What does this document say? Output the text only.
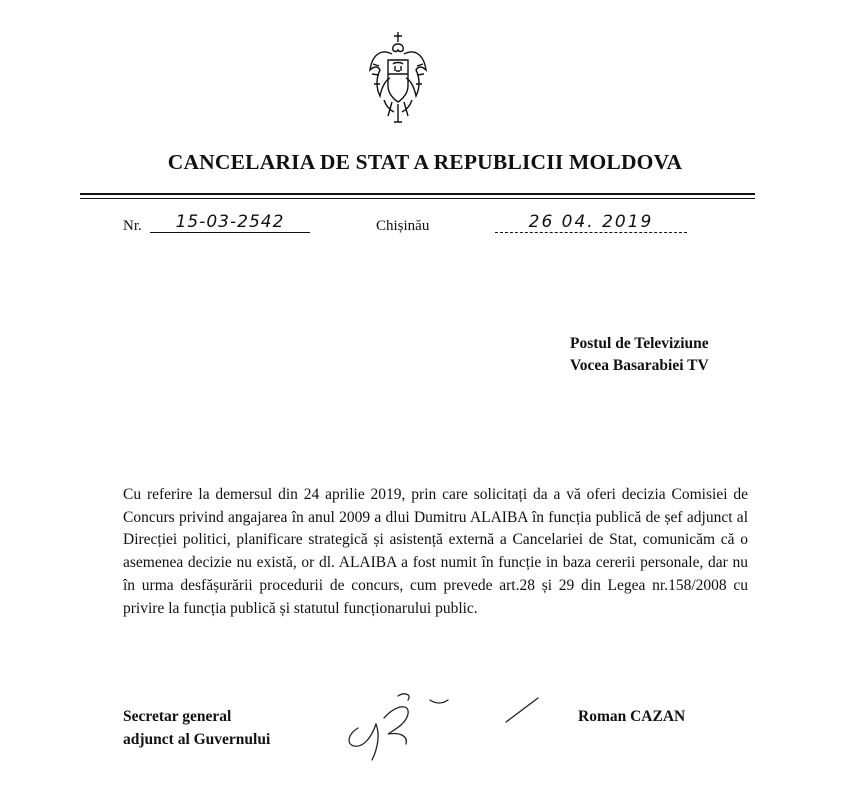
CANCELARIA DE STAT A REPUBLICII MOLDOVA
Nr.	15-03-2542	Chișinău	26 04. 2019
Postul de Televiziune
Vocea Basarabiei TV

Cu referire la demersul din 24 aprilie 2019, prin care solicitați da a vă oferi decizia Comisiei de Concurs privind angajarea în anul 2009 a dlui Dumitru ALAIBA în funcția publică de șef adjunct al Direcției politici, planificare strategică și asistență externă a Cancelariei de Stat, comunicăm că o asemenea decizie nu există, or dl. ALAIBA a fost numit în funcție in baza cererii personale, dar nu în urma desfășurării procedurii de concurs, cum prevede art.28 și 29 din Legea nr.158/2008 cu privire la funcția publică și statutul funcționarului public.

Secretar general
adjunct al Guvernului
Roman CAZAN
